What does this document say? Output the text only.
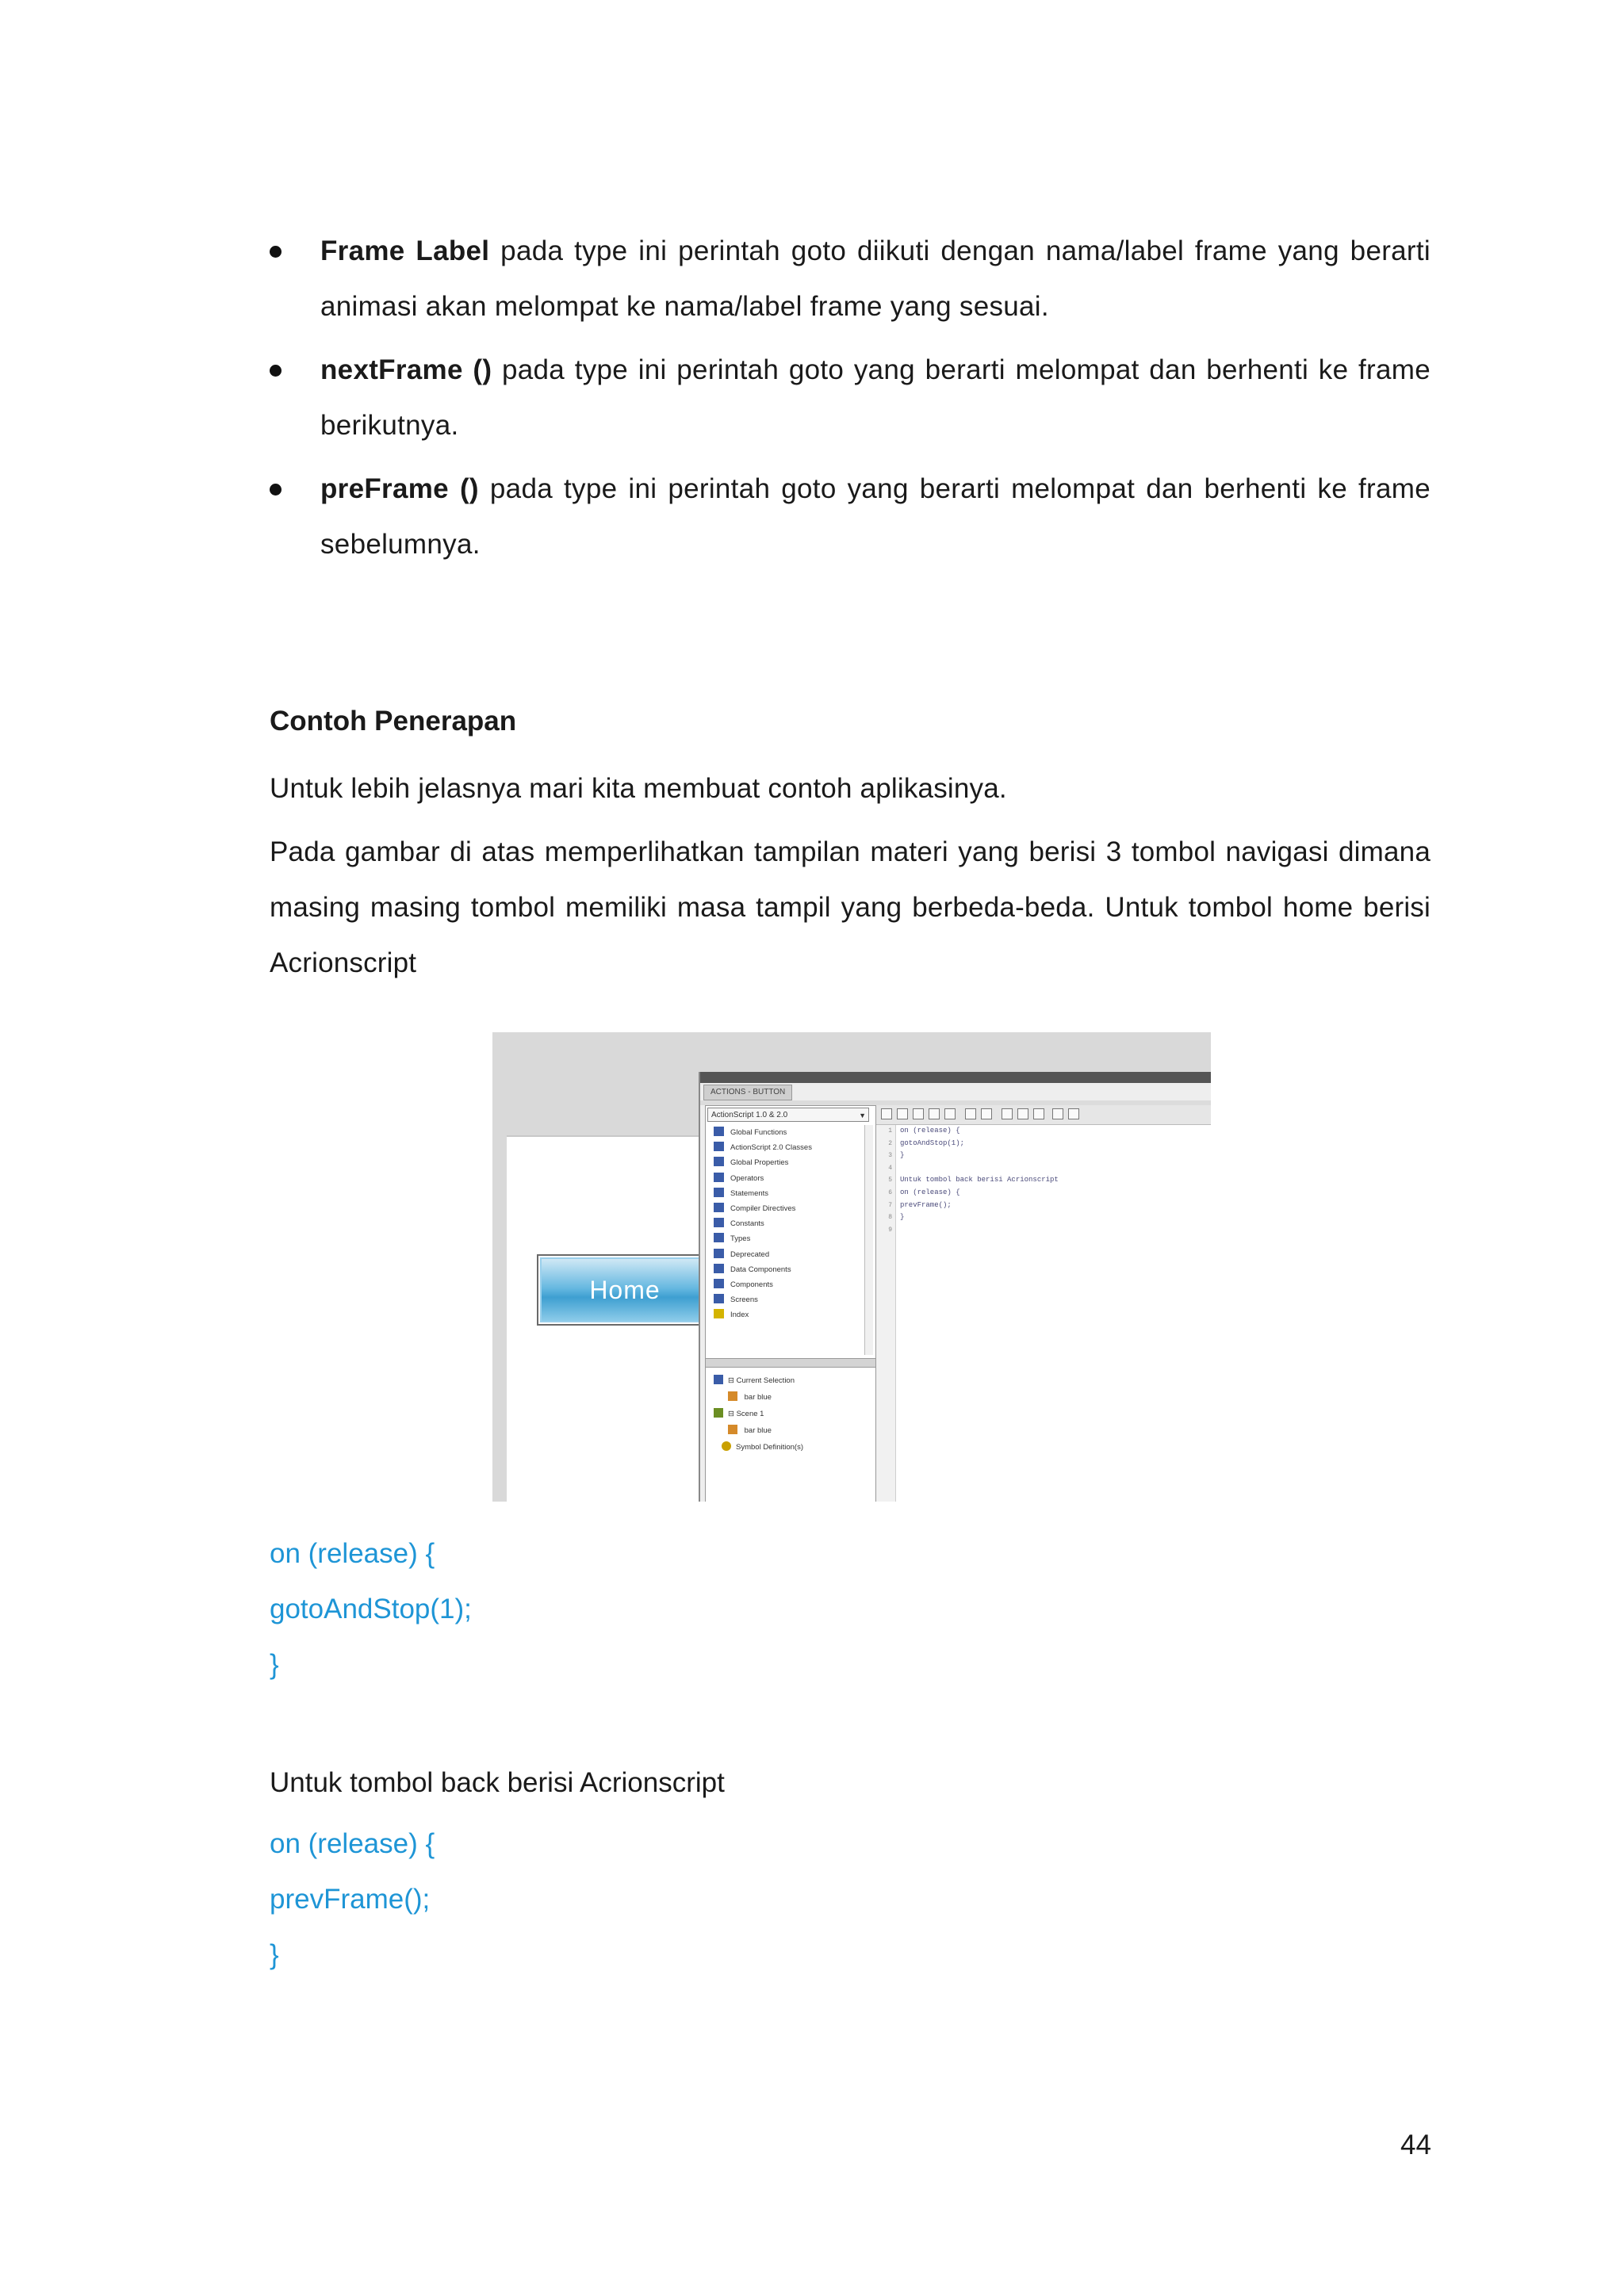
Frame Label pada type ini perintah goto diikuti dengan nama/label frame yang berarti animasi akan melompat ke nama/label frame yang sesuai.

nextFrame () pada type ini perintah goto yang berarti melompat dan berhenti ke frame berikutnya.

preFrame () pada type ini perintah goto yang berarti melompat dan berhenti ke frame sebelumnya.

Contoh Penerapan

Untuk lebih jelasnya mari kita membuat contoh aplikasinya.

Pada gambar di atas memperlihatkan tampilan materi yang berisi 3 tombol navigasi dimana masing masing tombol memiliki masa tampil yang berbeda-beda. Untuk tombol home berisi Acrionscript

Home
ACTIONS - BUTTON
ActionScript 1.0 & 2.0	▼
Global Functions
ActionScript 2.0 Classes
Global Properties
Operators
Statements
Compiler Directives
Constants
Types
Deprecated
Data Components
Components
Screens
Index
⊟ Current Selection
bar blue
⊟ Scene 1
bar blue
Symbol Definition(s)
1
2
3
4
5
6
7
8
9
on (release) {
gotoAndStop(1);
}
Untuk tombol back berisi Acrionscript
on (release) {
prevFrame();
}
on (release) {
gotoAndStop(1);
}

Untuk tombol back berisi Acrionscript

on (release) {
prevFrame();
}

44
